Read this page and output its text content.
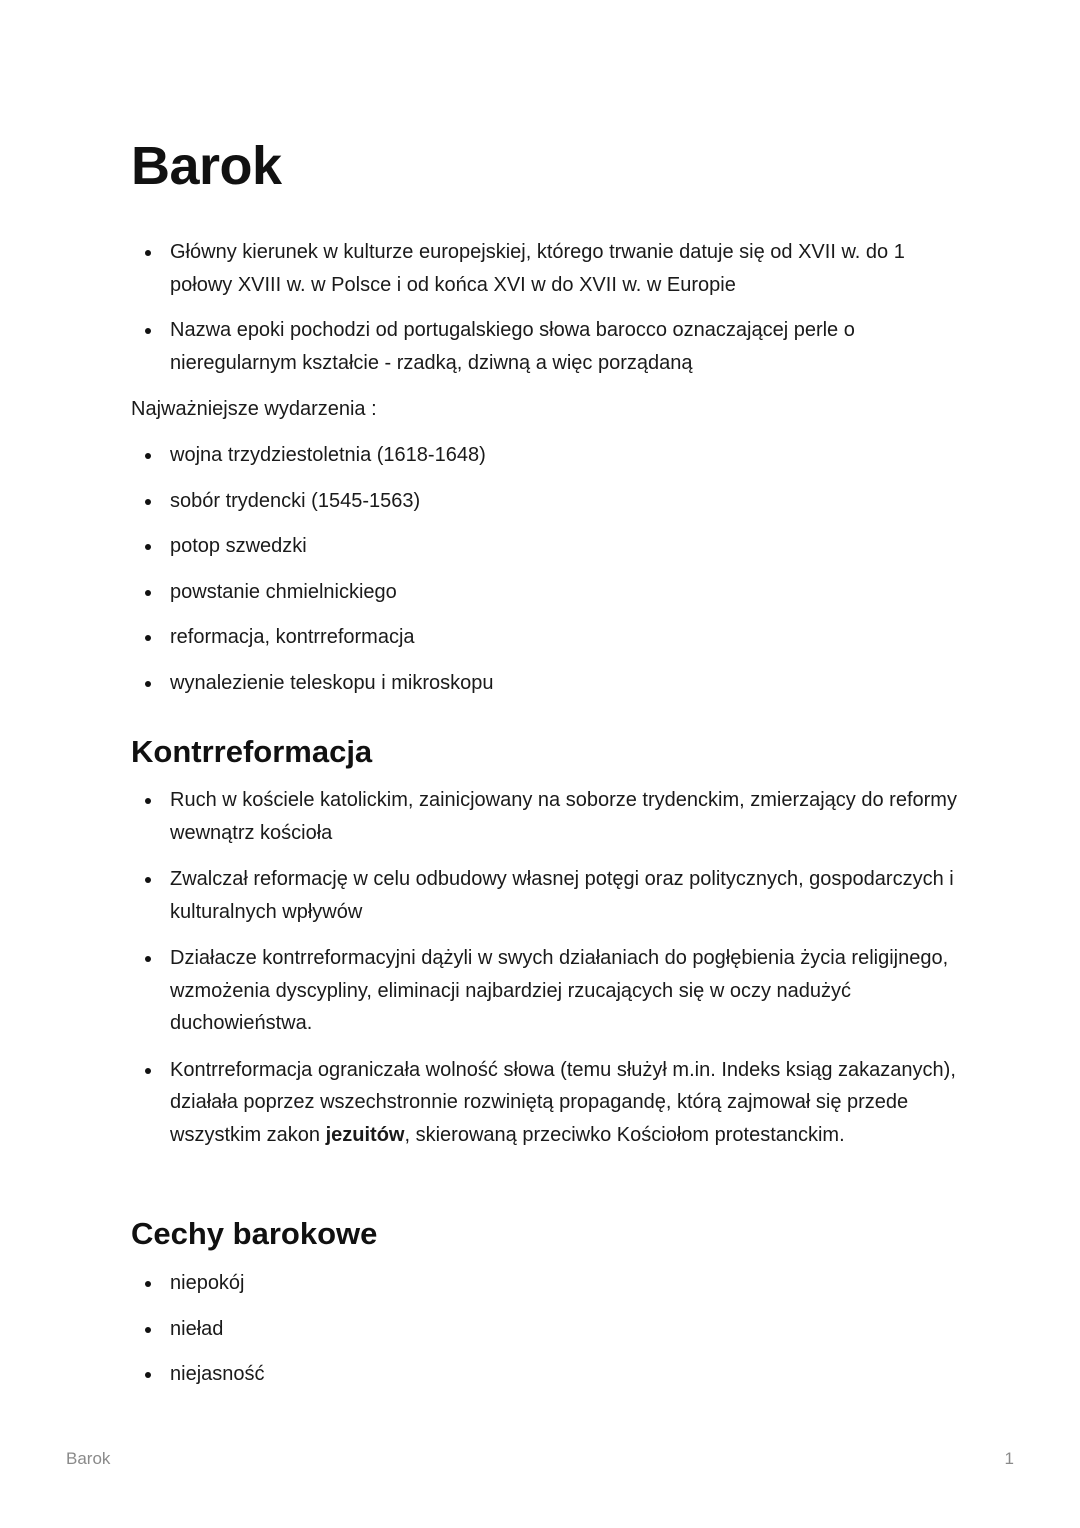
Barok
Główny kierunek w kulturze europejskiej, którego trwanie datuje się od XVII w. do 1 połowy XVIII w. w Polsce i od końca XVI w do XVII w. w Europie
Nazwa epoki pochodzi od portugalskiego słowa barocco oznaczającej perle o nieregularnym kształcie - rzadką, dziwną a więc porządaną

Najważniejsze wydarzenia :

wojna trzydziestoletnia (1618-1648)
sobór trydencki (1545-1563)
potop szwedzki
powstanie chmielnickiego
reformacja, kontrreformacja
wynalezienie teleskopu i mikroskopu
Kontrreformacja
Ruch w kościele katolickim, zainicjowany na soborze trydenckim, zmierzający do reformy wewnątrz kościoła
Zwalczał reformację w celu odbudowy własnej potęgi oraz politycznych, gospodarczych i kulturalnych wpływów
Działacze kontrreformacyjni dążyli w swych działaniach do pogłębienia życia religijnego, wzmożenia dyscypliny, eliminacji najbardziej rzucających się w oczy nadużyć duchowieństwa.
Kontrreformacja ograniczała wolność słowa (temu służył m.in. Indeks ksiąg zakazanych), działała poprzez wszechstronnie rozwiniętą propagandę, którą zajmował się przede wszystkim zakon jezuitów, skierowaną przeciwko Kościołom protestanckim.
Cechy barokowe
niepokój
nieład
niejasność
Barok	1
